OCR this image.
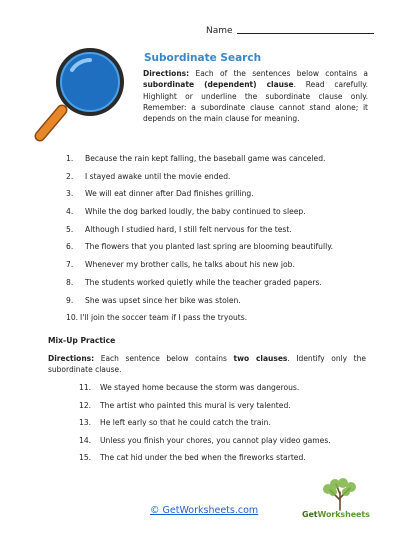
Name
Subordinate Search
Directions: Each of the sentences below contains a subordinate (dependent) clause. Read carefully. Highlight or underline the subordinate clause only. Remember: a subordinate clause cannot stand alone; it depends on the main clause for meaning.
1. Because the rain kept falling, the baseball game was canceled.
2. I stayed awake until the movie ended.
3. We will eat dinner after Dad finishes grilling.
4. While the dog barked loudly, the baby continued to sleep.
5. Although I studied hard, I still felt nervous for the test.
6. The flowers that you planted last spring are blooming beautifully.
7. Whenever my brother calls, he talks about his new job.
8. The students worked quietly while the teacher graded papers.
9. She was upset since her bike was stolen.
10. I'll join the soccer team if I pass the tryouts.
Mix-Up Practice
Directions: Each sentence below contains two clauses. Identify only the subordinate clause.
11. We stayed home because the storm was dangerous.
12. The artist who painted this mural is very talented.
13. He left early so that he could catch the train.
14. Unless you finish your chores, you cannot play video games.
15. The cat hid under the bed when the fireworks started.
© GetWorksheets.com	GetWorksheets
